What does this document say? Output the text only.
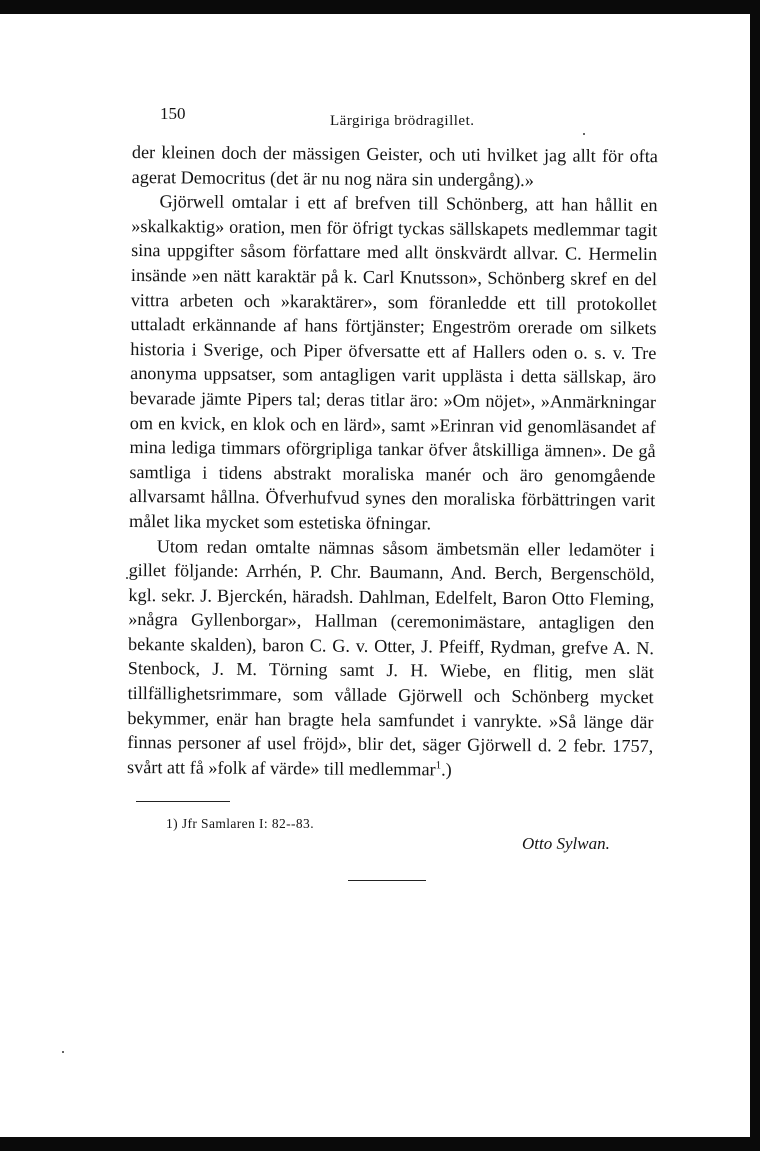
150	Lärgiriga brödragillet.

der kleinen doch der mässigen Geister, och uti hvilket jag allt för ofta agerat Democritus (det är nu nog nära sin undergång).»

Gjörwell omtalar i ett af brefven till Schönberg, att han hållit en »skalkaktig» oration, men för öfrigt tyckas sällskapets medlemmar tagit sina uppgifter såsom författare med allt önskvärdt allvar. C. Hermelin insände »en nätt karaktär på k. Carl Knutsson», Schönberg skref en del vittra arbeten och »karaktärer», som föranledde ett till protokollet uttaladt erkännande af hans förtjänster; Engeström orerade om silkets historia i Sverige, och Piper öfversatte ett af Hallers oden o. s. v. Tre anonyma uppsatser, som antagligen varit upplästa i detta sällskap, äro bevarade jämte Pipers tal; deras titlar äro: »Om nöjet», »Anmärkningar om en kvick, en klok och en lärd», samt »Erinran vid genomläsandet af mina lediga timmars oförgripliga tankar öfver åtskilliga ämnen». De gå samtliga i tidens abstrakt moraliska manér och äro genomgående allvarsamt hållna. Öfverhufvud synes den moraliska förbättringen varit målet lika mycket som estetiska öfningar.

Utom redan omtalte nämnas såsom ämbetsmän eller ledamöter i gillet följande: Arrhén, P. Chr. Baumann, And. Berch, Bergenschöld, kgl. sekr. J. Bjerckén, häradsh. Dahlman, Edelfelt, Baron Otto Fleming, »några Gyllenborgar», Hallman (ceremonimästare, antagligen den bekante skalden), baron C. G. v. Otter, J. Pfeiff, Rydman, grefve A. N. Stenbock, J. M. Törning samt J. H. Wiebe, en flitig, men slät tillfällighetsrimmare, som vållade Gjörwell och Schönberg mycket bekymmer, enär han bragte hela samfundet i vanrykte. »Så länge där finnas personer af usel fröjd», blir det, säger Gjörwell d. 2 febr. 1757, svårt att få »folk af värde» till medlemmar$^1$.)

1) Jfr Samlaren I: 82--83.
Otto Sylwan.
